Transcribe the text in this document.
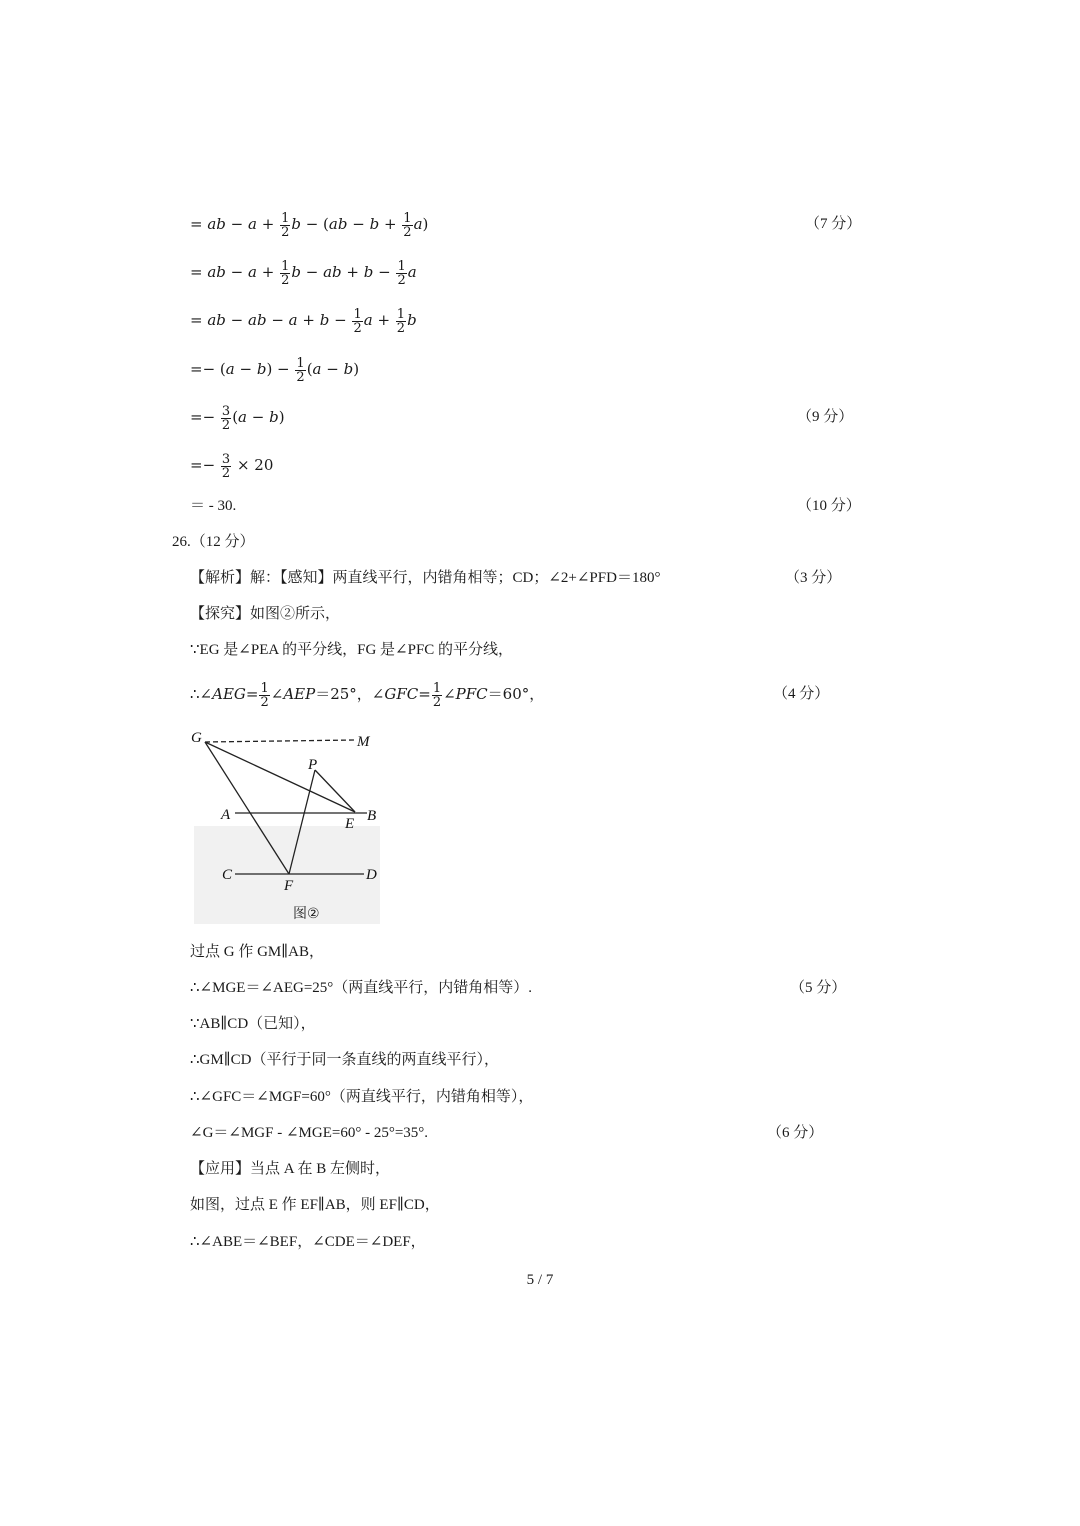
= ab − $a + \frac{1}{2}$ $b - (ab - b + \frac{1}{2} a)$	（7 分）
= ab − $a + \frac{1}{2}$ b − ab + $b - \frac{1}{2}$ a
= ab − ab − $a + b - \frac{1}{2}$ $a + \frac{1}{2}$ b
=− $(a - b) - \frac{1}{2} (a - b)$
=− $\frac{3}{2} (a - b)$	（9 分）
=− $\frac{3}{2} \times 20$
＝ - 30.	（10 分）
26.（12 分）
【解析】解：【感知】两直线平行，内错角相等；CD；∠2+∠PFD＝180°	（3 分）
【探究】如图②所示，
∵EG 是∠PEA 的平分线，FG 是∠PFC 的平分线，
∴∠AEG= $\frac{1}{2}$ ∠AEP＝25°，∠GFC= $\frac{1}{2}$ ∠PFC＝60°，	（4 分）
G	M
P
A	B
E
C	D
F
图②
过点 G 作 GM∥AB，
∴∠MGE＝∠AEG=25°（两直线平行，内错角相等）.	（5 分）
∵AB∥CD（已知），
∴GM∥CD（平行于同一条直线的两直线平行），
∴∠GFC＝∠MGF=60°（两直线平行，内错角相等），
∠G＝∠MGF - ∠MGE=60° - 25°=35°.	（6 分）
【应用】当点 A 在 B 左侧时，
如图，过点 E 作 EF∥AB，则 EF∥CD，
∴∠ABE＝∠BEF，∠CDE＝∠DEF，
5 / 7
